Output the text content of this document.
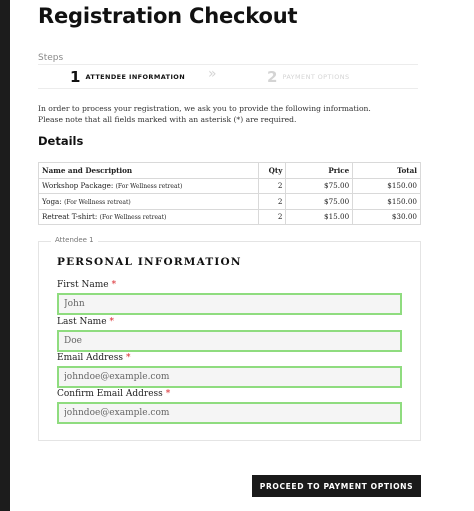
Registration Checkout
Steps
1 ATTENDEE INFORMATION »	2 PAYMENT OPTIONS
In order to process your registration, we ask you to provide the following information.
Please note that all fields marked with an asterisk (*) are required.
Details
Name and Description	Qty	Price	Total
Workshop Package: (For Wellness retreat)	2	$75.00	$150.00
Yoga: (For Wellness retreat)	2	$75.00	$150.00
Retreat T-shirt: (For Wellness retreat)	2	$15.00	$30.00
Attendee 1
PERSONAL INFORMATION
First Name *
John
Last Name *
Doe
Email Address *
johndoe@example.com
Confirm Email Address *
johndoe@example.com
PROCEED TO PAYMENT OPTIONS
